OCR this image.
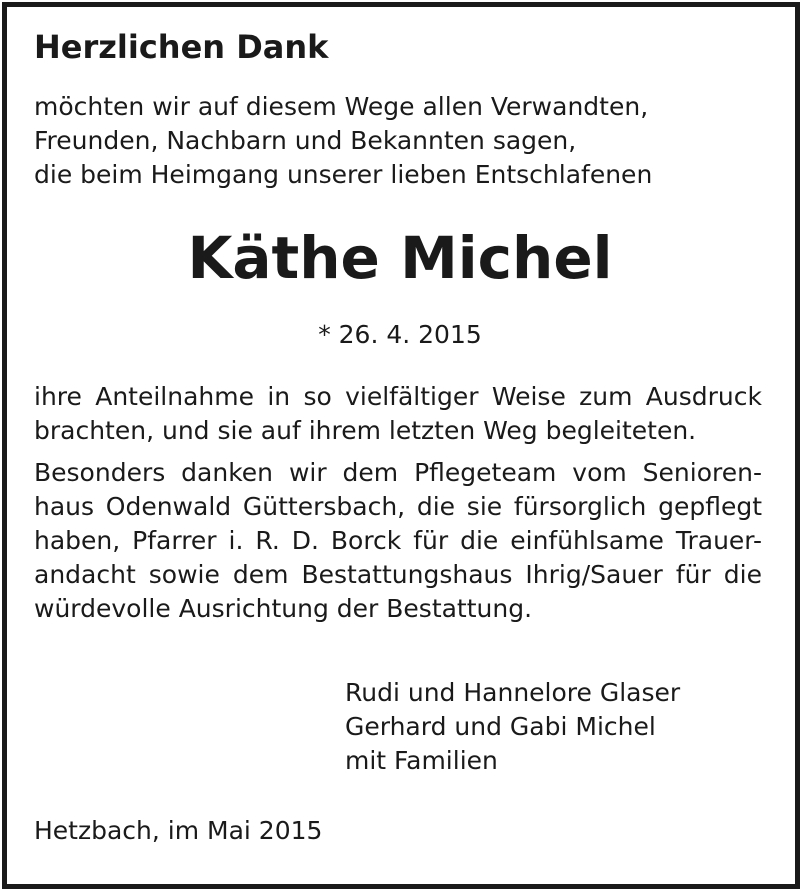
Herzlichen Dank

möchten wir auf diesem Wege allen Verwandten,

Freunden, Nachbarn und Bekannten sagen,

die beim Heimgang unserer lieben Entschlafenen

Käthe Michel

* 26. 4. 2015

ihre Anteilnahme in so vielfältiger Weise zum Ausdruck

brachten, und sie auf ihrem letzten Weg begleiteten.

Besonders danken wir dem Pflegeteam vom Senioren-

haus Odenwald Güttersbach, die sie fürsorglich gepflegt

haben, Pfarrer i. R. D. Borck für die einfühlsame Trauer-

andacht sowie dem Bestattungshaus Ihrig/Sauer für die

würdevolle Ausrichtung der Bestattung.

Rudi und Hannelore Glaser

Gerhard und Gabi Michel

mit Familien

Hetzbach, im Mai 2015
